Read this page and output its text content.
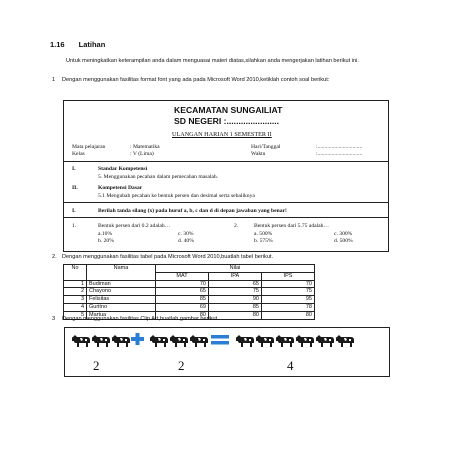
1.16 Latihan
Untuk meningkatkan keterampilan anda dalam menguasai materi diatas,silahkan anda mengerjakan latihan berikut ini.
1 Dengan menggunakan fasilitas format font yang ada pada Microsoft Word 2010,ketiklah contoh soal berikut:
KECAMATAN SUNGAILIAT
SD NEGERI :......................
ULANGAN HARIAN 1 SEMESTER II
Mata pelajaran	: Matematika
Kelas	: V (Lima)
Hari/Tanggal	:................................
Waktu	:................................
I.	Standar Kompetensi
5. Menggunakan pecahan dalam pemecahan masalah.
II.	Kompetensi Dasar
5.1 Mengubah pecahan ke bentuk persen dan desimal serta sebaliknya
I.	Berilah tanda silang (x) pada huruf a, b, c dan d di depan jawaban yang benar!
1.	Bentuk persen dari 0.2 adalah…
a.10%
b. 20%
c. 30%
d. 40%
2.	Bentuk persen dari 5.75 adalah…
a. 500%
b. 575%
c. 300%
d. 500%
2. Dengan menggunakan fasilitas tabel pada Microsoft Word 2010,buatlah tabel berikut.
No	Nama	Nilai		
		MAT	IPA	IPS
1	Budiman	70	65	70
2	Chayono	65	75	75
3	Felisitas	85	90	95
4	Guritno	69	85	78
5	Martua	80	80	80
3 Dengan menggunakan fasilitas Clip Art,buatlah gambar berikut.
2	2	4
